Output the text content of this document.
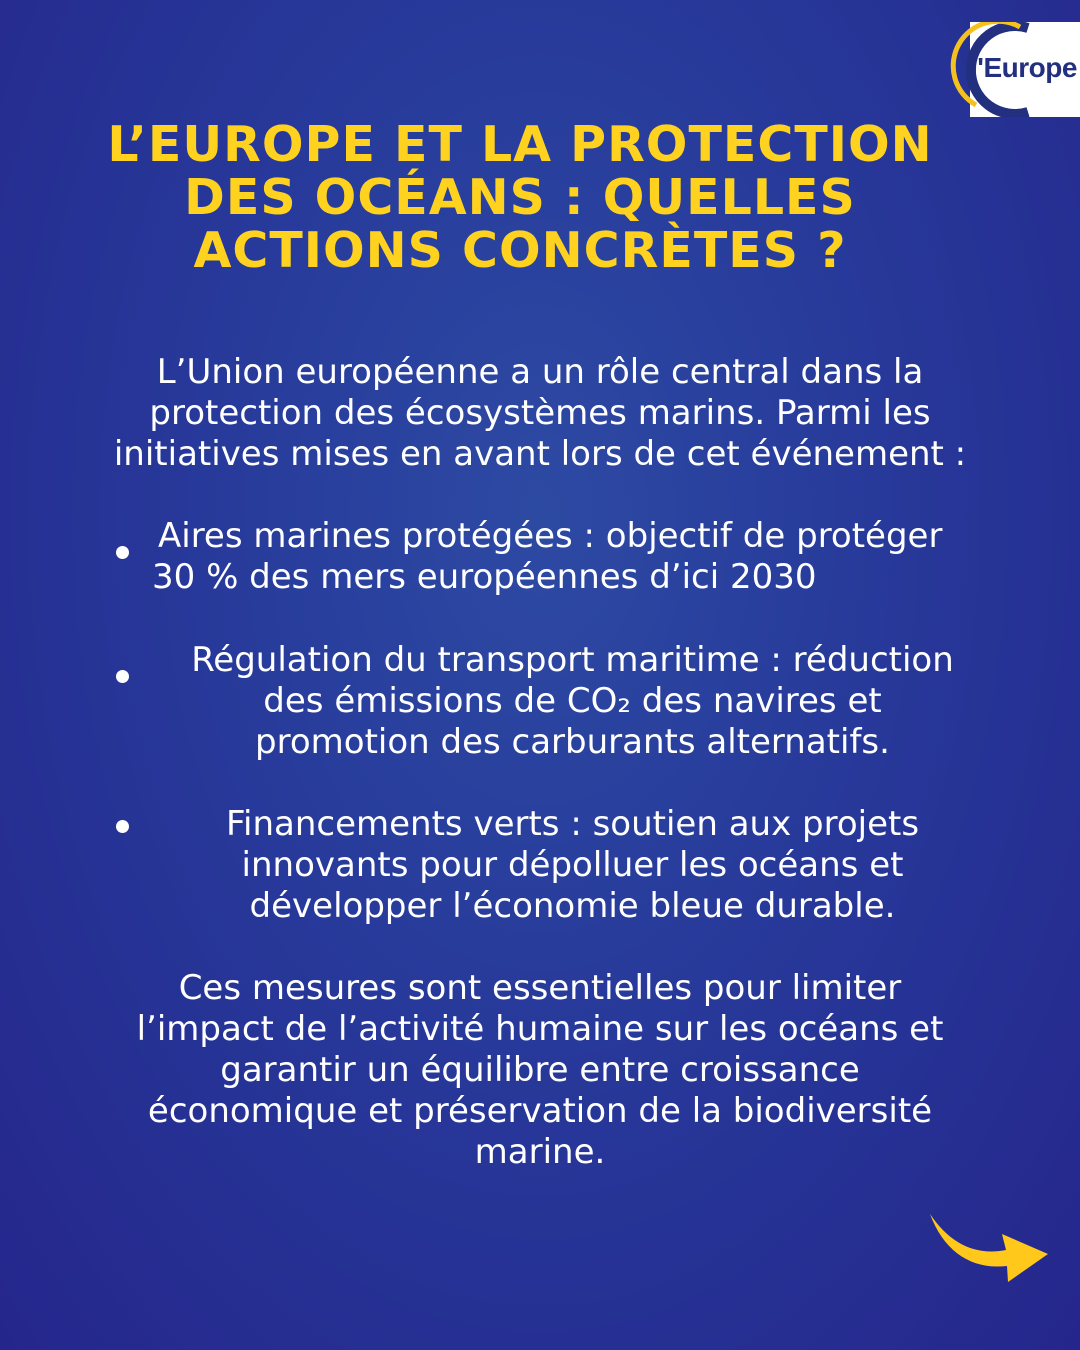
l'Europe
L’EUROPE ET LA PROTECTION
DES OCÉANS : QUELLES
ACTIONS CONCRÈTES ?

L’Union européenne a un rôle central dans la
protection des écosystèmes marins. Parmi les
initiatives mises en avant lors de cet événement :

Aires marines protégées : objectif de protéger
30 % des mers européennes d’ici 2030
Régulation du transport maritime : réduction
des émissions de CO₂ des navires et
promotion des carburants alternatifs.
Financements verts : soutien aux projets
innovants pour dépolluer les océans et
développer l’économie bleue durable.

Ces mesures sont essentielles pour limiter
l’impact de l’activité humaine sur les océans et
garantir un équilibre entre croissance
économique et préservation de la biodiversité
marine.
